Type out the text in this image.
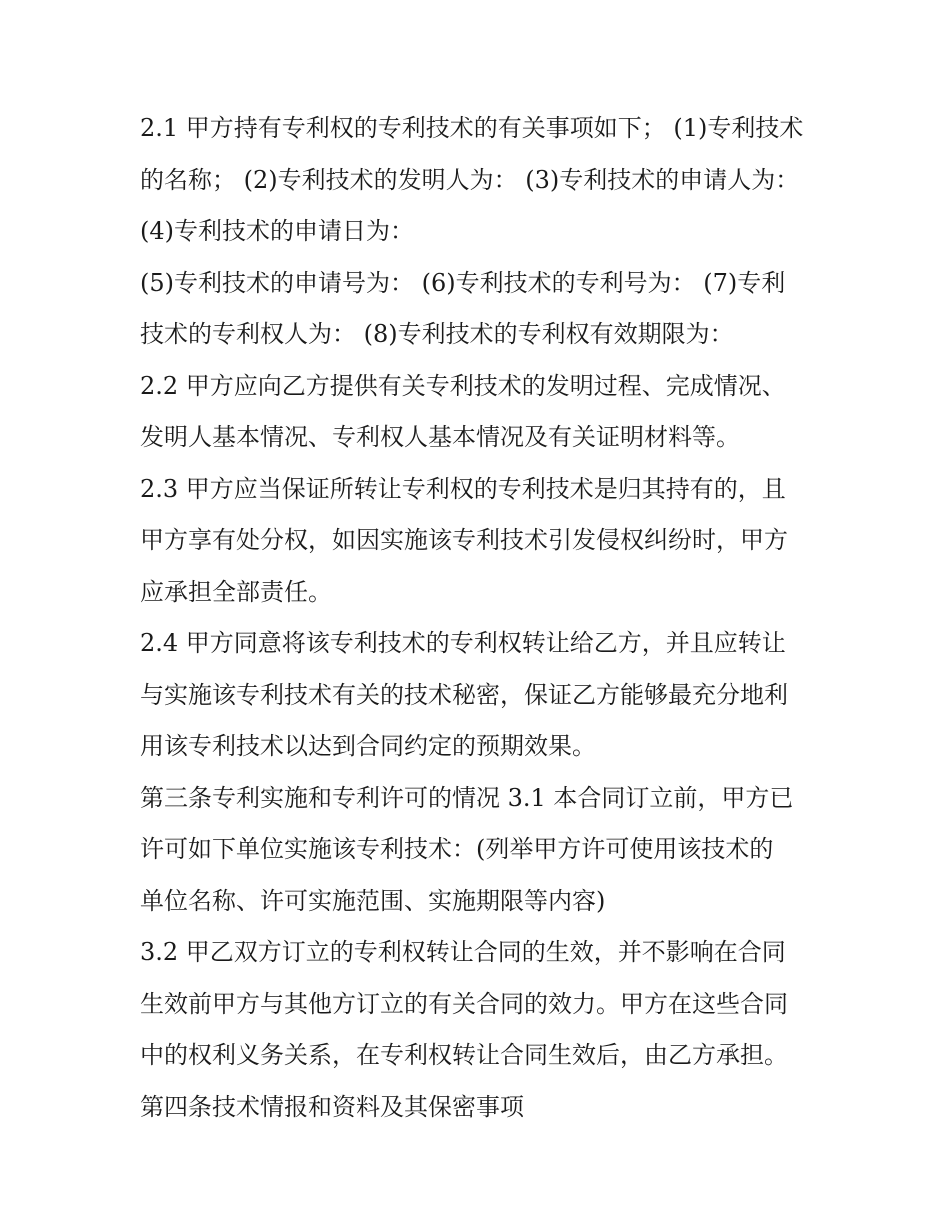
2.1 甲方持有专利权的专利技术的有关事项如下； (1)专利技术
的名称； (2)专利技术的发明人为： (3)专利技术的申请人为：
(4)专利技术的申请日为：
(5)专利技术的申请号为： (6)专利技术的专利号为： (7)专利
技术的专利权人为： (8)专利技术的专利权有效期限为：
2.2 甲方应向乙方提供有关专利技术的发明过程、完成情况、
发明人基本情况、专利权人基本情况及有关证明材料等。
2.3 甲方应当保证所转让专利权的专利技术是归其持有的，且
甲方享有处分权，如因实施该专利技术引发侵权纠纷时，甲方
应承担全部责任。
2.4 甲方同意将该专利技术的专利权转让给乙方，并且应转让
与实施该专利技术有关的技术秘密，保证乙方能够最充分地利
用该专利技术以达到合同约定的预期效果。
第三条专利实施和专利许可的情况 3.1 本合同订立前，甲方已
许可如下单位实施该专利技术：(列举甲方许可使用该技术的
单位名称、许可实施范围、实施期限等内容)
3.2 甲乙双方订立的专利权转让合同的生效，并不影响在合同
生效前甲方与其他方订立的有关合同的效力。甲方在这些合同
中的权利义务关系，在专利权转让合同生效后，由乙方承担。
第四条技术情报和资料及其保密事项
